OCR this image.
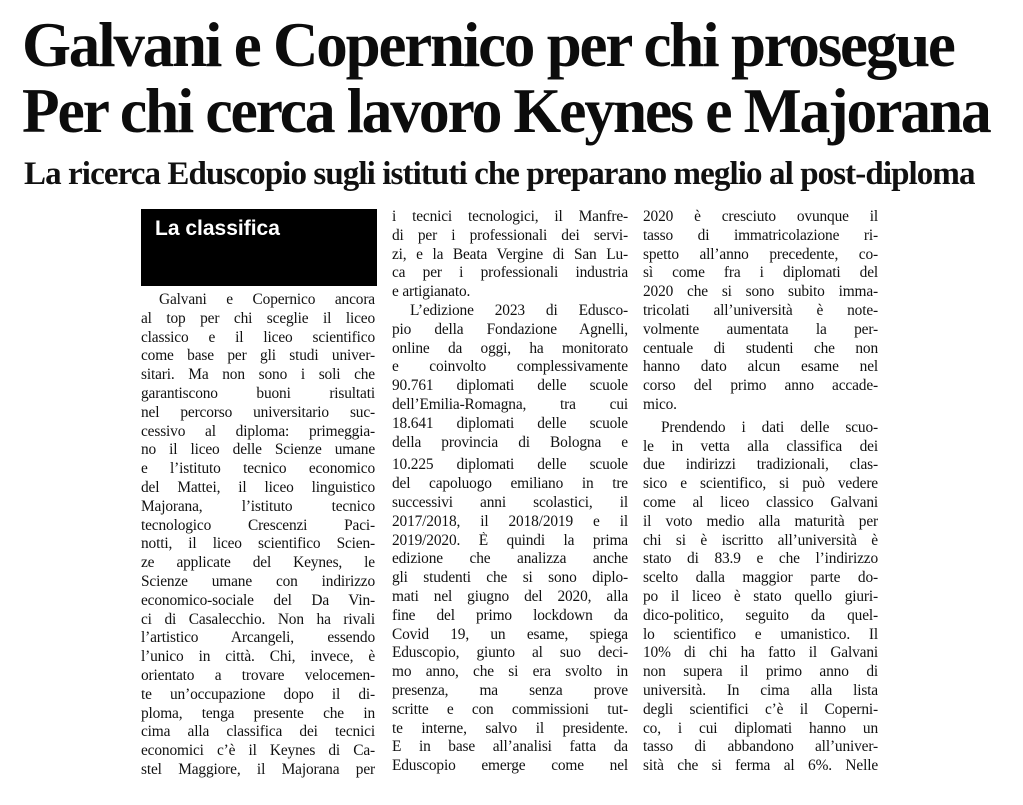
Galvani e Copernico per chi prosegue
Per chi cerca lavoro Keynes e Majorana
La ricerca Eduscopio sugli istituti che preparano meglio al post-diploma
La classifica
Galvani e Copernico ancora
al top per chi sceglie il liceo
classico e il liceo scientifico
come base per gli studi univer-
sitari. Ma non sono i soli che
garantiscono buoni risultati
nel percorso universitario suc-
cessivo al diploma: primeggia-
no il liceo delle Scienze umane
e l’istituto tecnico economico
del Mattei, il liceo linguistico
Majorana, l’istituto tecnico
tecnologico Crescenzi Paci-
notti, il liceo scientifico Scien-
ze applicate del Keynes, le
Scienze umane con indirizzo
economico-sociale del Da Vin-
ci di Casalecchio. Non ha rivali
l’artistico Arcangeli, essendo
l’unico in città. Chi, invece, è
orientato a trovare velocemen-
te un’occupazione dopo il di-
ploma, tenga presente che in
cima alla classifica dei tecnici
economici c’è il Keynes di Ca-
stel Maggiore, il Majorana per
i tecnici tecnologici, il Manfre-
di per i professionali dei servi-
zi, e la Beata Vergine di San Lu-
ca per i professionali industria
e artigianato.
L’edizione 2023 di Edusco-
pio della Fondazione Agnelli,
online da oggi, ha monitorato
e coinvolto complessivamente
90.761 diplomati delle scuole
dell’Emilia-Romagna, tra cui
18.641 diplomati delle scuole
della provincia di Bologna e
10.225 diplomati delle scuole
del capoluogo emiliano in tre
successivi anni scolastici, il
2017/2018, il 2018/2019 e il
2019/2020. È quindi la prima
edizione che analizza anche
gli studenti che si sono diplo-
mati nel giugno del 2020, alla
fine del primo lockdown da
Covid 19, un esame, spiega
Eduscopio, giunto al suo deci-
mo anno, che si era svolto in
presenza, ma senza prove
scritte e con commissioni tut-
te interne, salvo il presidente.
E in base all’analisi fatta da
Eduscopio emerge come nel
2020 è cresciuto ovunque il
tasso di immatricolazione ri-
spetto all’anno precedente, co-
sì come fra i diplomati del
2020 che si sono subito imma-
tricolati all’università è note-
volmente aumentata la per-
centuale di studenti che non
hanno dato alcun esame nel
corso del primo anno accade-
mico.
Prendendo i dati delle scuo-
le in vetta alla classifica dei
due indirizzi tradizionali, clas-
sico e scientifico, si può vedere
come al liceo classico Galvani
il voto medio alla maturità per
chi si è iscritto all’università è
stato di 83.9 e che l’indirizzo
scelto dalla maggior parte do-
po il liceo è stato quello giuri-
dico-politico, seguito da quel-
lo scientifico e umanistico. Il
10% di chi ha fatto il Galvani
non supera il primo anno di
università. In cima alla lista
degli scientifici c’è il Coperni-
co, i cui diplomati hanno un
tasso di abbandono all’univer-
sità che si ferma al 6%. Nelle
